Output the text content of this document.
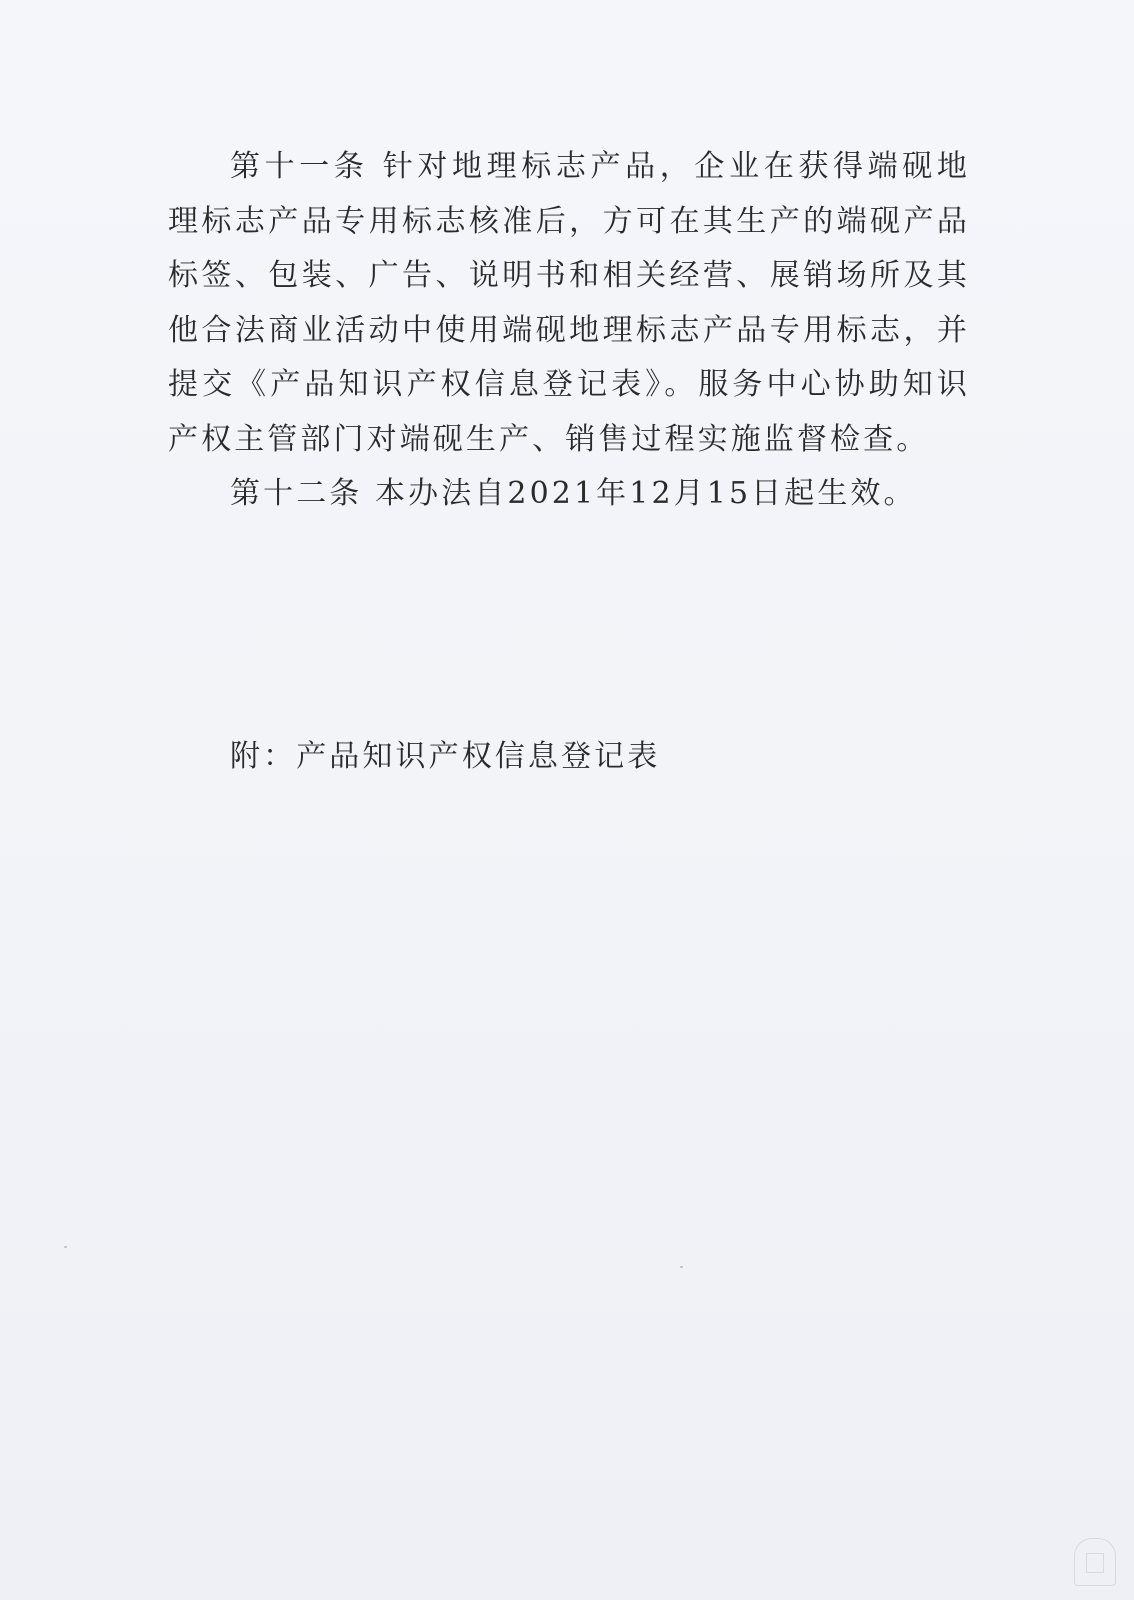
第十一条 针对地理标志产品，企业在获得端砚地理标志产品专用标志核准后，方可在其生产的端砚产品标签、包装、广告、说明书和相关经营、展销场所及其他合法商业活动中使用端砚地理标志产品专用标志，并提交《产品知识产权信息登记表》。服务中心协助知识产权主管部门对端砚生产、销售过程实施监督检查。

第十二条 本办法自2021年12月15日起生效。

附：产品知识产权信息登记表
